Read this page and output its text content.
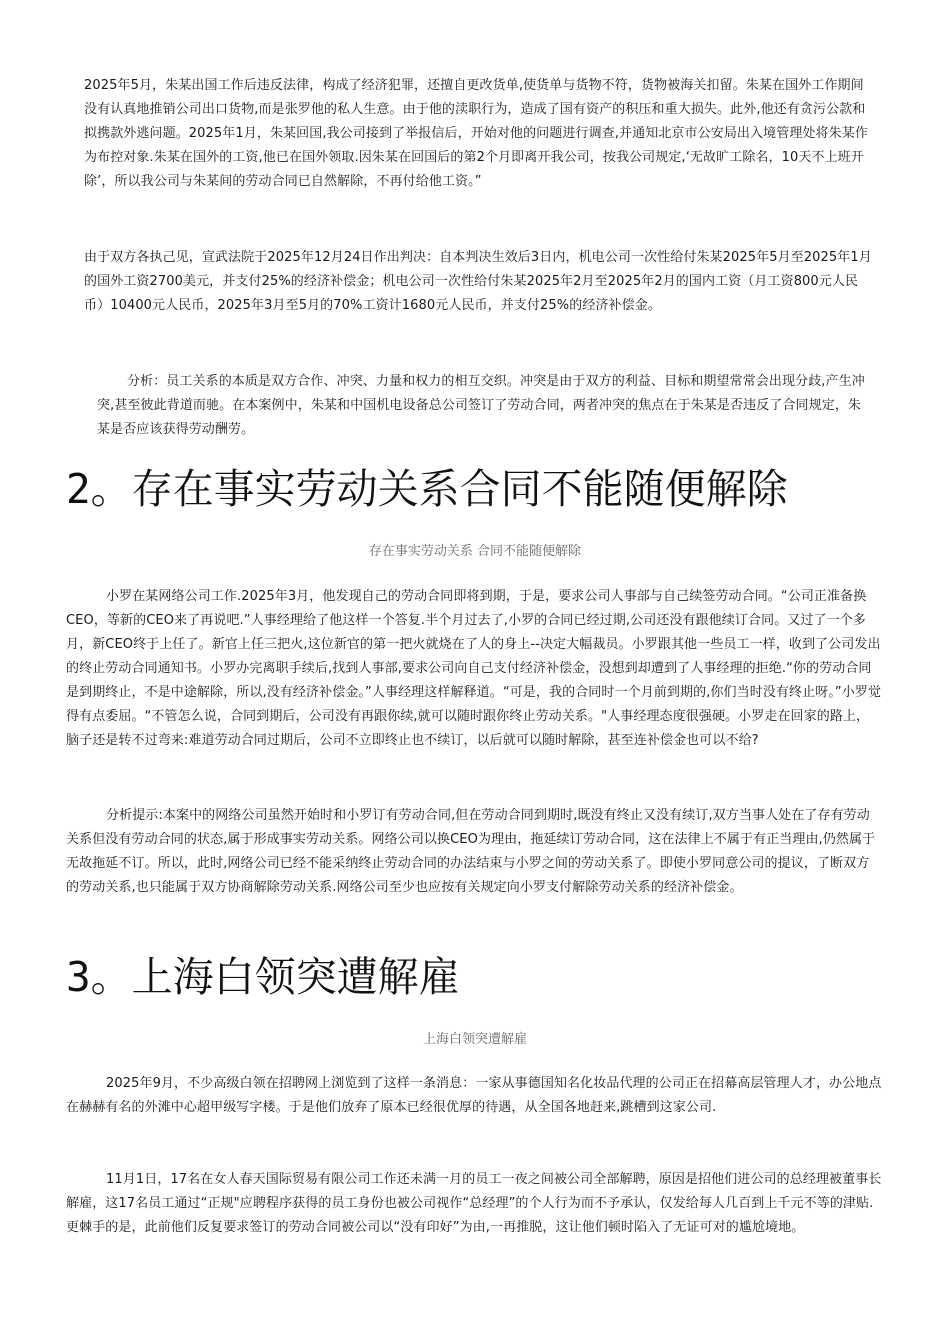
2025年5月，朱某出国工作后违反法律，构成了经济犯罪，还擅自更改货单,使货单与货物不符，货物被海关扣留。朱某在国外工作期间没有认真地推销公司出口货物,而是张罗他的私人生意。由于他的渎职行为，造成了国有资产的积压和重大损失。此外,他还有贪污公款和拟携款外逃问题。2025年1月，朱某回国,我公司接到了举报信后，开始对他的问题进行调查,并通知北京市公安局出入境管理处将朱某作为布控对象.朱某在国外的工资,他已在国外领取.因朱某在回国后的第2个月即离开我公司，按我公司规定,‘无故旷工除名，10天不上班开除’，所以我公司与朱某间的劳动合同已自然解除，不再付给他工资。”

由于双方各执己见，宣武法院于2025年12月24日作出判决：自本判决生效后3日内，机电公司一次性给付朱某2025年5月至2025年1月的国外工资2700美元，并支付25%的经济补偿金；机电公司一次性给付朱某2025年2月至2025年2月的国内工资（月工资800元人民币）10400元人民币，2025年3月至5月的70%工资计1680元人民币，并支付25%的经济补偿金。

分析：员工关系的本质是双方合作、冲突、力量和权力的相互交织。冲突是由于双方的利益、目标和期望常常会出现分歧,产生冲突,甚至彼此背道而驰。在本案例中，朱某和中国机电设备总公司签订了劳动合同，两者冲突的焦点在于朱某是否违反了合同规定，朱某是否应该获得劳动酬劳。

2。存在事实劳动关系合同不能随便解除
存在事实劳动关系 合同不能随便解除

小罗在某网络公司工作.2025年3月，他发现自己的劳动合同即将到期，于是，要求公司人事部与自己续签劳动合同。“公司正准备换CEO，等新的CEO来了再说吧.”人事经理给了他这样一个答复.半个月过去了,小罗的合同已经过期,公司还没有跟他续订合同。又过了一个多月，新CEO终于上任了。新官上任三把火,这位新官的第一把火就烧在了人的身上--决定大幅裁员。小罗跟其他一些员工一样，收到了公司发出的终止劳动合同通知书。小罗办完离职手续后,找到人事部,要求公司向自己支付经济补偿金，没想到却遭到了人事经理的拒绝.“你的劳动合同是到期终止，不是中途解除，所以,没有经济补偿金。”人事经理这样解释道。“可是，我的合同时一个月前到期的,你们当时没有终止呀。”小罗觉得有点委屈。“不管怎么说，合同到期后，公司没有再跟你续,就可以随时跟你终止劳动关系。"人事经理态度很强硬。小罗走在回家的路上，脑子还是转不过弯来:难道劳动合同过期后，公司不立即终止也不续订，以后就可以随时解除，甚至连补偿金也可以不给?

分析提示:本案中的网络公司虽然开始时和小罗订有劳动合同,但在劳动合同到期时,既没有终止又没有续订,双方当事人处在了存有劳动关系但没有劳动合同的状态,属于形成事实劳动关系。网络公司以换CEO为理由，拖延续订劳动合同，这在法律上不属于有正当理由,仍然属于无故拖延不订。所以，此时,网络公司已经不能采纳终止劳动合同的办法结束与小罗之间的劳动关系了。即使小罗同意公司的提议，了断双方的劳动关系,也只能属于双方协商解除劳动关系.网络公司至少也应按有关规定向小罗支付解除劳动关系的经济补偿金。

3。上海白领突遭解雇
上海白领突遭解雇

2025年9月，不少高级白领在招聘网上浏览到了这样一条消息：一家从事德国知名化妆品代理的公司正在招幕高层管理人才，办公地点在赫赫有名的外滩中心超甲级写字楼。于是他们放弃了原本已经很优厚的待遇，从全国各地赶来,跳槽到这家公司.

11月1日，17名在女人春天国际贸易有限公司工作还未满一月的员工一夜之间被公司全部解聘，原因是招他们进公司的总经理被董事长解雇，这17名员工通过“正规"应聘程序获得的员工身份也被公司视作“总经理”的个人行为而不予承认，仅发给每人几百到上千元不等的津贴.更棘手的是，此前他们反复要求签订的劳动合同被公司以“没有印好”为由,一再推脱，这让他们顿时陷入了无证可对的尴尬境地。
